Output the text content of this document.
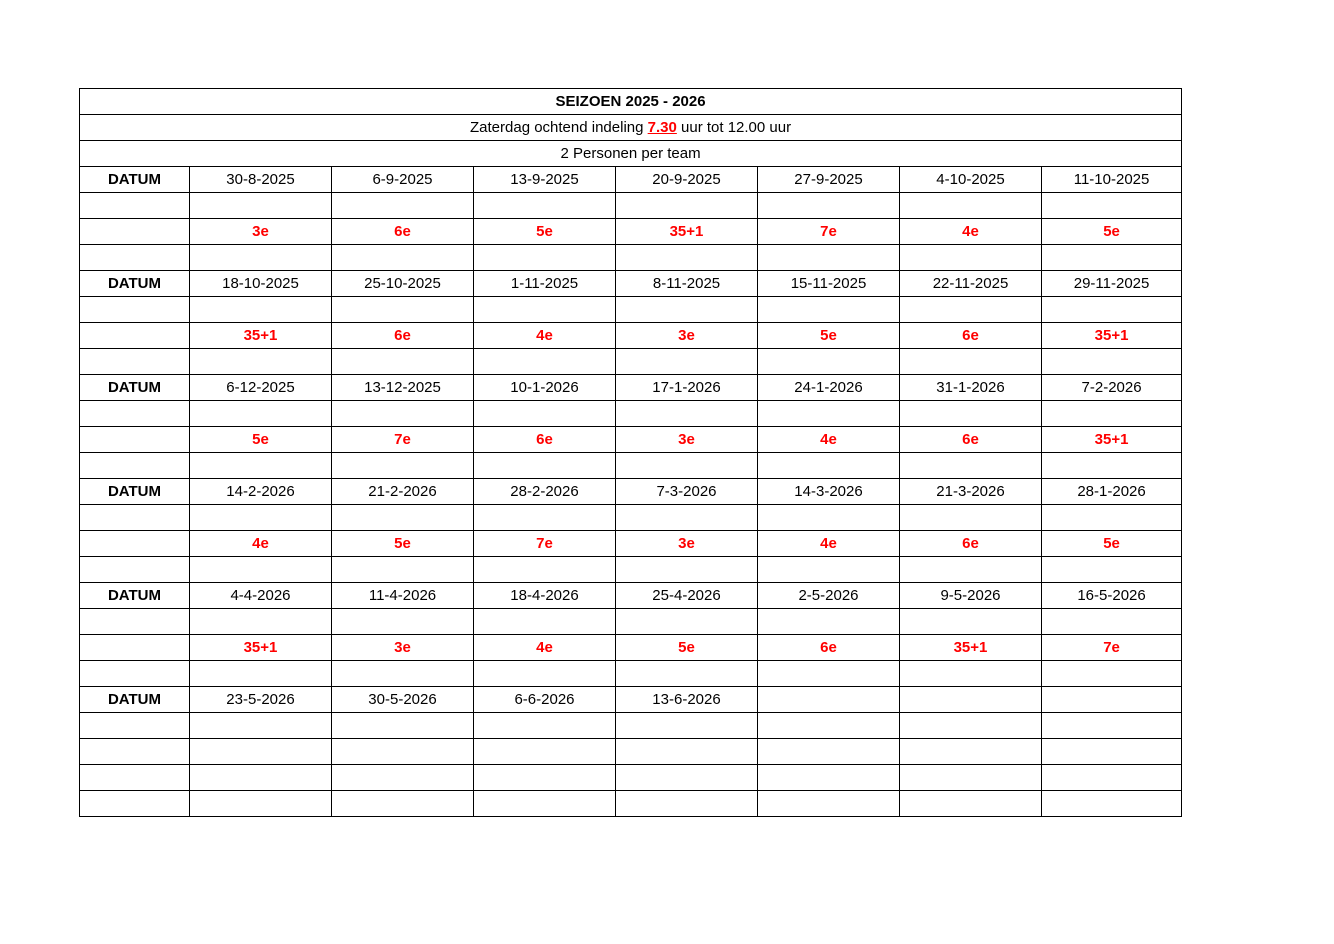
SEIZOEN 2025 - 2026							
Zaterdag ochtend indeling 7.30 uur tot 12.00 uur							
2 Personen per team							
DATUM	30-8-2025	6-9-2025	13-9-2025	20-9-2025	27-9-2025	4-10-2025	11-10-2025

	3e	6e	5e	35+1	7e	4e	5e

DATUM	18-10-2025	25-10-2025	1-11-2025	8-11-2025	15-11-2025	22-11-2025	29-11-2025

	35+1	6e	4e	3e	5e	6e	35+1

DATUM	6-12-2025	13-12-2025	10-1-2026	17-1-2026	24-1-2026	31-1-2026	7-2-2026

	5e	7e	6e	3e	4e	6e	35+1

DATUM	14-2-2026	21-2-2026	28-2-2026	7-3-2026	14-3-2026	21-3-2026	28-1-2026

	4e	5e	7e	3e	4e	6e	5e

DATUM	4-4-2026	11-4-2026	18-4-2026	25-4-2026	2-5-2026	9-5-2026	16-5-2026

	35+1	3e	4e	5e	6e	35+1	7e

DATUM	23-5-2026	30-5-2026	6-6-2026	13-6-2026			
